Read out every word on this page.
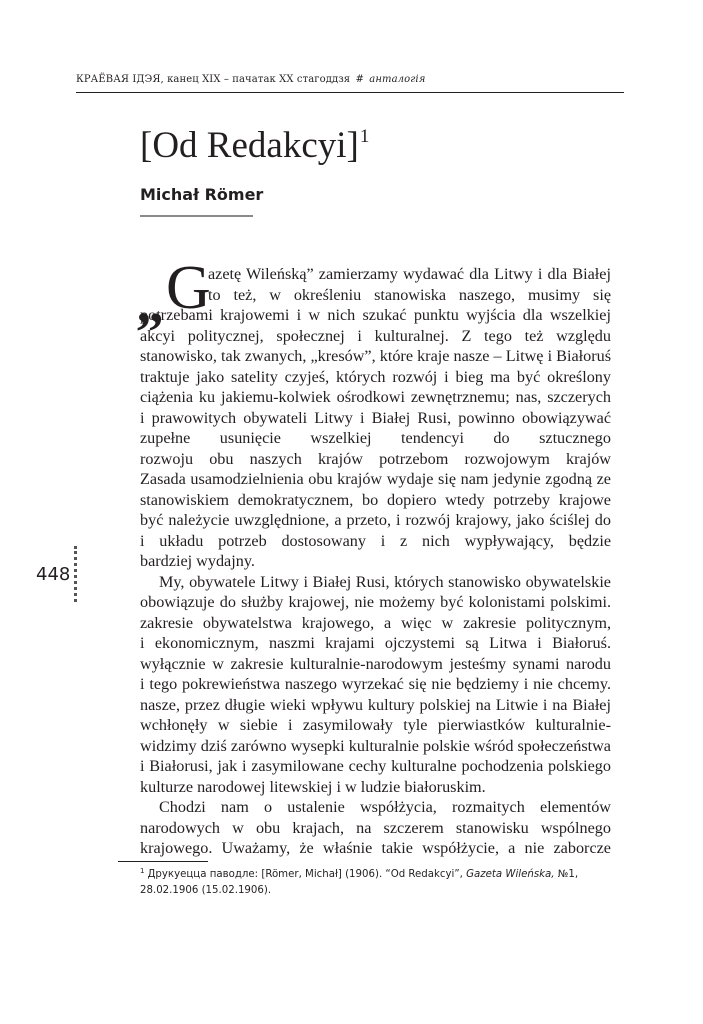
КРАЁВАЯ ІДЭЯ, канец XIX – пачатак XX стагоддзя # анталогія
[Od Redakcyi]$^1$
Michał Römer
448
„ G
azetę Wileńską” zamierzamy wydawać dla Litwy i dla Białej
to też, w określeniu stanowiska naszego, musimy się
potrzebami krajowemi i w nich szukać punktu wyjścia dla wszelkiej
akcyi politycznej, społecznej i kulturalnej. Z tego też względu
stanowisko, tak zwanych, „kresów”, które kraje nasze – Litwę i Białoruś
traktuje jako satelity czyjeś, których rozwój i bieg ma być określony
ciążenia ku jakiemu-kolwiek ośrodkowi zewnętrznemu; nas, szczerych
i prawowitych obywateli Litwy i Białej Rusi, powinno obowiązywać
zupełne usunięcie wszelkiej tendencyi do sztucznego
rozwoju obu naszych krajów potrzebom rozwojowym krajów
Zasada usamodzielnienia obu krajów wydaje się nam jedynie zgodną ze
stanowiskiem demokratycznem, bo dopiero wtedy potrzeby krajowe
być należycie uwzględnione, a przeto, i rozwój krajowy, jako ściślej do
i układu potrzeb dostosowany i z nich wypływający, będzie
bardziej wydajny.
My, obywatele Litwy i Białej Rusi, których stanowisko obywatelskie
obowiązuje do służby krajowej, nie możemy być kolonistami polskimi.
zakresie obywatelstwa krajowego, a więc w zakresie politycznym,
i ekonomicznym, naszmi krajami ojczystemi są Litwa i Białoruś.
wyłącznie w zakresie kulturalnie-narodowym jesteśmy synami narodu
i tego pokrewieństwa naszego wyrzekać się nie będziemy i nie chcemy.
nasze, przez długie wieki wpływu kultury polskiej na Litwie i na Białej
wchłonęły w siebie i zasymilowały tyle pierwiastków kulturalnie-
widzimy dziś zarówno wysepki kulturalnie polskie wśród społeczeństwa
i Białorusi, jak i zasymilowane cechy kulturalne pochodzenia polskiego
kulturze narodowej litewskiej i w ludzie białoruskim.
Chodzi nam o ustalenie współżycia, rozmaitych elementów
narodowych w obu krajach, na szczerem stanowisku wspólnego
krajowego. Uważamy, że właśnie takie współżycie, a nie zaborcze
$^1$ Друкуецца паводле: [Römer, Michał] (1906). “Od Redakcyi”, Gazeta Wileńska, №1, 28.02.1906 (15.02.1906).
